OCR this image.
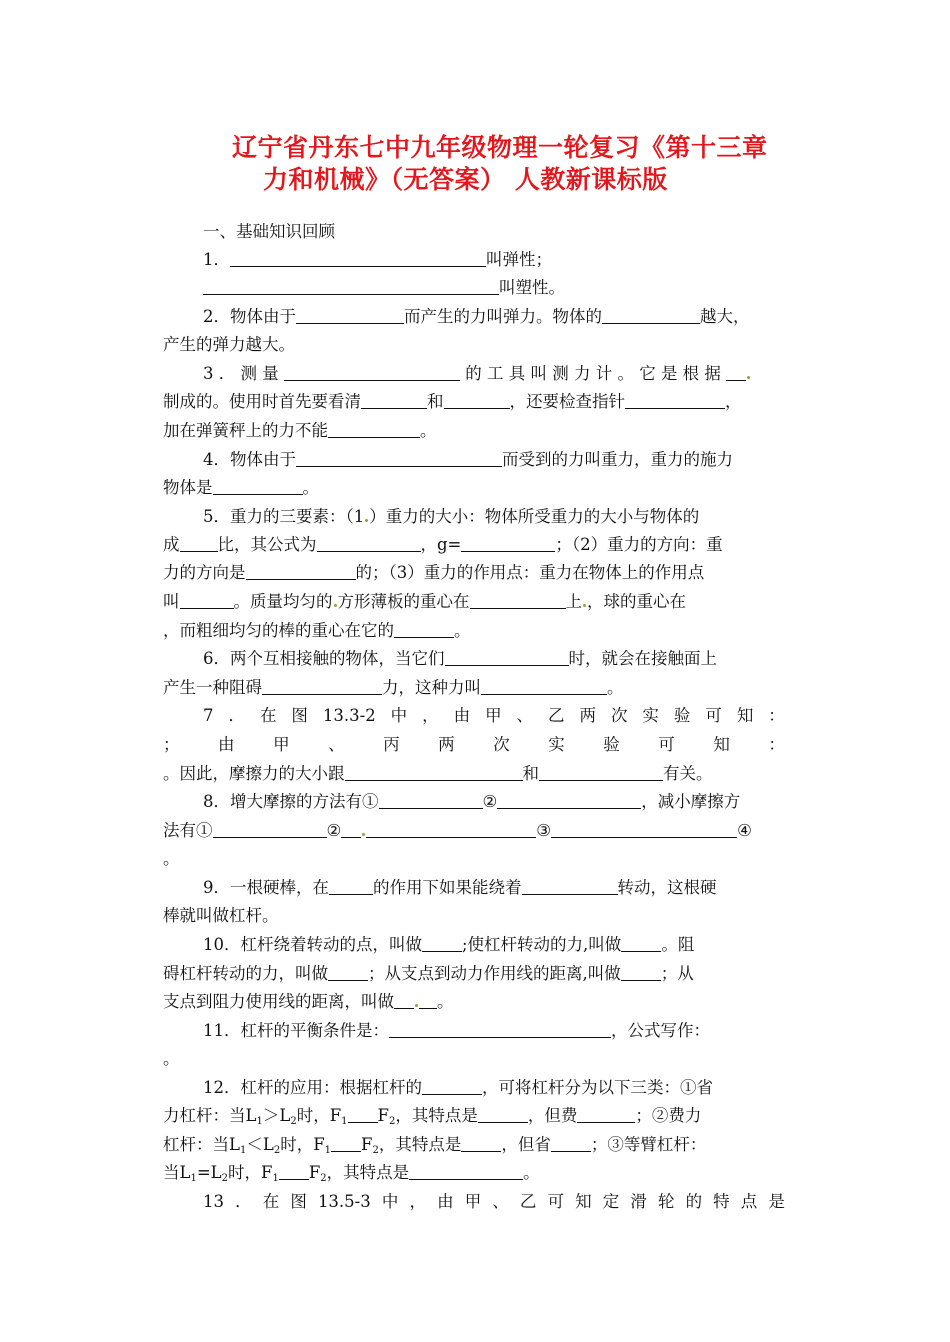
辽宁省丹东七中九年级物理一轮复习《第十三章
力和机械》（无答案） 人教新课标版
一、基础知识回顾
1．	叫弹性；
叫塑性。
2．物体由于	而产生的力叫弹力。物体的	越大，
产生的弹力越大。
3 ． 测 量	的 工 具 叫 测 力 计 。 它 是 根 据
制成的。使用时首先要看清	和	，还要检查指针	，
加在弹簧秤上的力不能	。
4．物体由于	而受到的力叫重力，重力的施力
物体是	。
5．重力的三要素：（1 ）重力的大小：物体所受重力的大小与物体的
成 比，其公式为	，g=	；（2）重力的方向：重
力的方向是	的；（3）重力的作用点：重力在物体上的作用点
叫	。质量均匀的 方形薄板的重心在	上 ，球的重心在
，而粗细均匀的棒的重心在它的	。
6．两个互相接触的物体，当它们	时，就会在接触面上
产生一种阻碍	力，这种力叫	。
7 ． 在 图 13.3-2 中 ， 由 甲 、 乙 两 次 实 验 可 知 ：
； 由 甲 、 丙 两 次 实 验 可 知 ：
。因此，摩擦力的大小跟	和	有关。
8．增大摩擦的方法有①	②	，减小摩擦方
法有①	②	③	④
。
9．一根硬棒，在	的作用下如果能绕着	转动，这根硬
棒就叫做杠杆。
10．杠杆绕着转动的点，叫做 ;使杠杆转动的力,叫做 。阻
碍杠杆转动的力，叫做 ；从支点到动力作用线的距离,叫做 ；从
支点到阻力使用线的距离，叫做	。
11．杠杆的平衡条件是：	，公式写作：
。
12．杠杆的应用：根据杠杆的	，可将杠杆分为以下三类：①省
力杠杆：当$L_1>L_2$时，$F_1$ $F_2$，其特点是	，但费	；②费力
杠杆：当$L_1<L_2$时，$F_1$ $F_2$，其特点是 ，但省 ；③等臂杠杆：
当$L_1=L_2$时，$F_1$ $F_2$，其特点是	。
13 ． 在 图 13.5-3 中 ， 由 甲 、 乙 可 知 定 滑 轮 的 特 点 是
